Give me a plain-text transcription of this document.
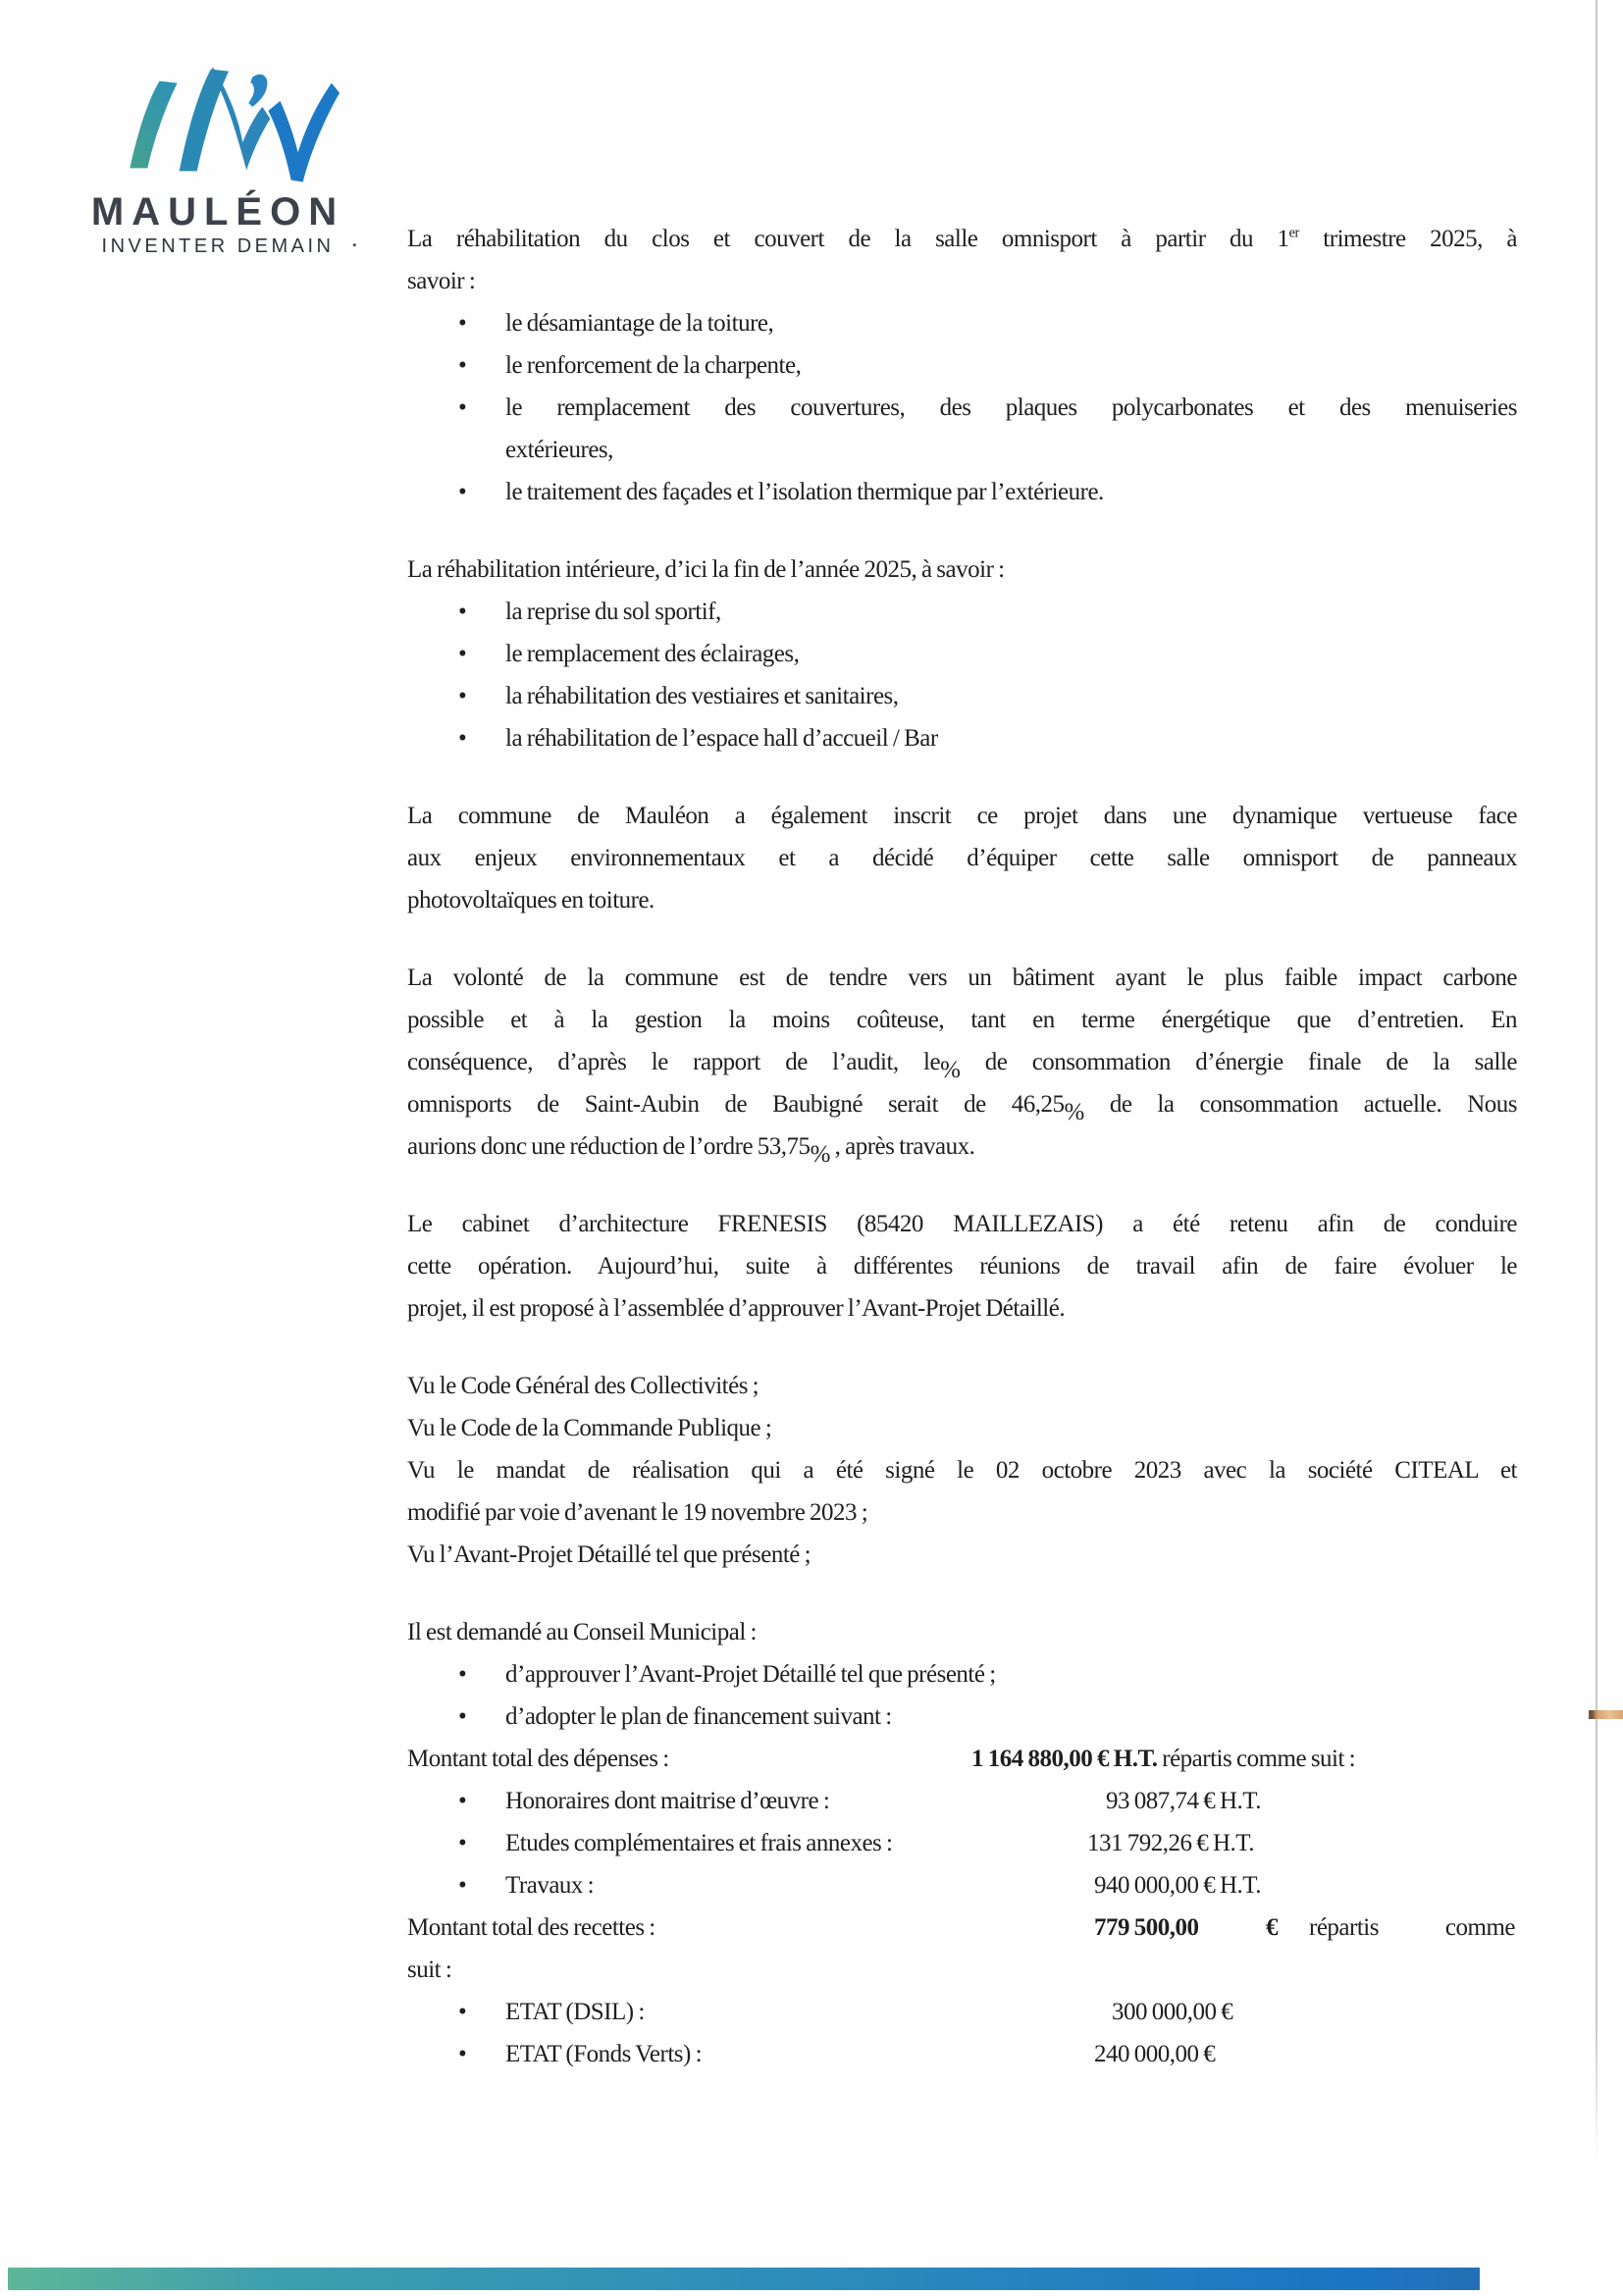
MAULÉON
INVENTER DEMAIN . La réhabilitation du clos et couvert de la salle omnisport à partir du 1er trimestre 2025, à
savoir :
• le désamiantage de la toiture,
• le renforcement de la charpente,
• le remplacement des couvertures, des plaques polycarbonates et des menuiseries
extérieures,
• le traitement des façades et l’isolation thermique par l’extérieure.
La réhabilitation intérieure, d’ici la fin de l’année 2025, à savoir :
• la reprise du sol sportif,
• le remplacement des éclairages,
• la réhabilitation des vestiaires et sanitaires,
• la réhabilitation de l’espace hall d’accueil / Bar
La commune de Mauléon a également inscrit ce projet dans une dynamique vertueuse face
aux enjeux environnementaux et a décidé d’équiper cette salle omnisport de panneaux
photovoltaïques en toiture.
La volonté de la commune est de tendre vers un bâtiment ayant le plus faible impact carbone
possible et à la gestion la moins coûteuse, tant en terme énergétique que d’entretien. En
conséquence, d’après le rapport de l’audit, le% de consommation d’énergie finale de la salle
omnisports de Saint-Aubin de Baubigné serait de 46,25% de la consommation actuelle. Nous
aurions donc une réduction de l’ordre 53,75% , après travaux.
Le cabinet d’architecture FRENESIS (85420 MAILLEZAIS) a été retenu afin de conduire
cette opération. Aujourd’hui, suite à différentes réunions de travail afin de faire évoluer le
projet, il est proposé à l’assemblée d’approuver l’Avant-Projet Détaillé.
Vu le Code Général des Collectivités ;
Vu le Code de la Commande Publique ;
Vu le mandat de réalisation qui a été signé le 02 octobre 2023 avec la société CITEAL et
modifié par voie d’avenant le 19 novembre 2023 ;
Vu l’Avant-Projet Détaillé tel que présenté ;
Il est demandé au Conseil Municipal :
• d’approuver l’Avant-Projet Détaillé tel que présenté ;
• d’adopter le plan de financement suivant :
Montant total des dépenses :	1 164 880,00 € H.T. répartis comme suit :
• Honoraires dont maitrise d’œuvre :	93 087,74 € H.T.
• Etudes complémentaires et frais annexes :	131 792,26 € H.T.
• Travaux :	940 000,00 € H.T.
Montant total des recettes :	779 500,00	€ répartis	comme
suit :
• ETAT (DSIL) :	300 000,00 €
• ETAT (Fonds Verts) :	240 000,00 €
